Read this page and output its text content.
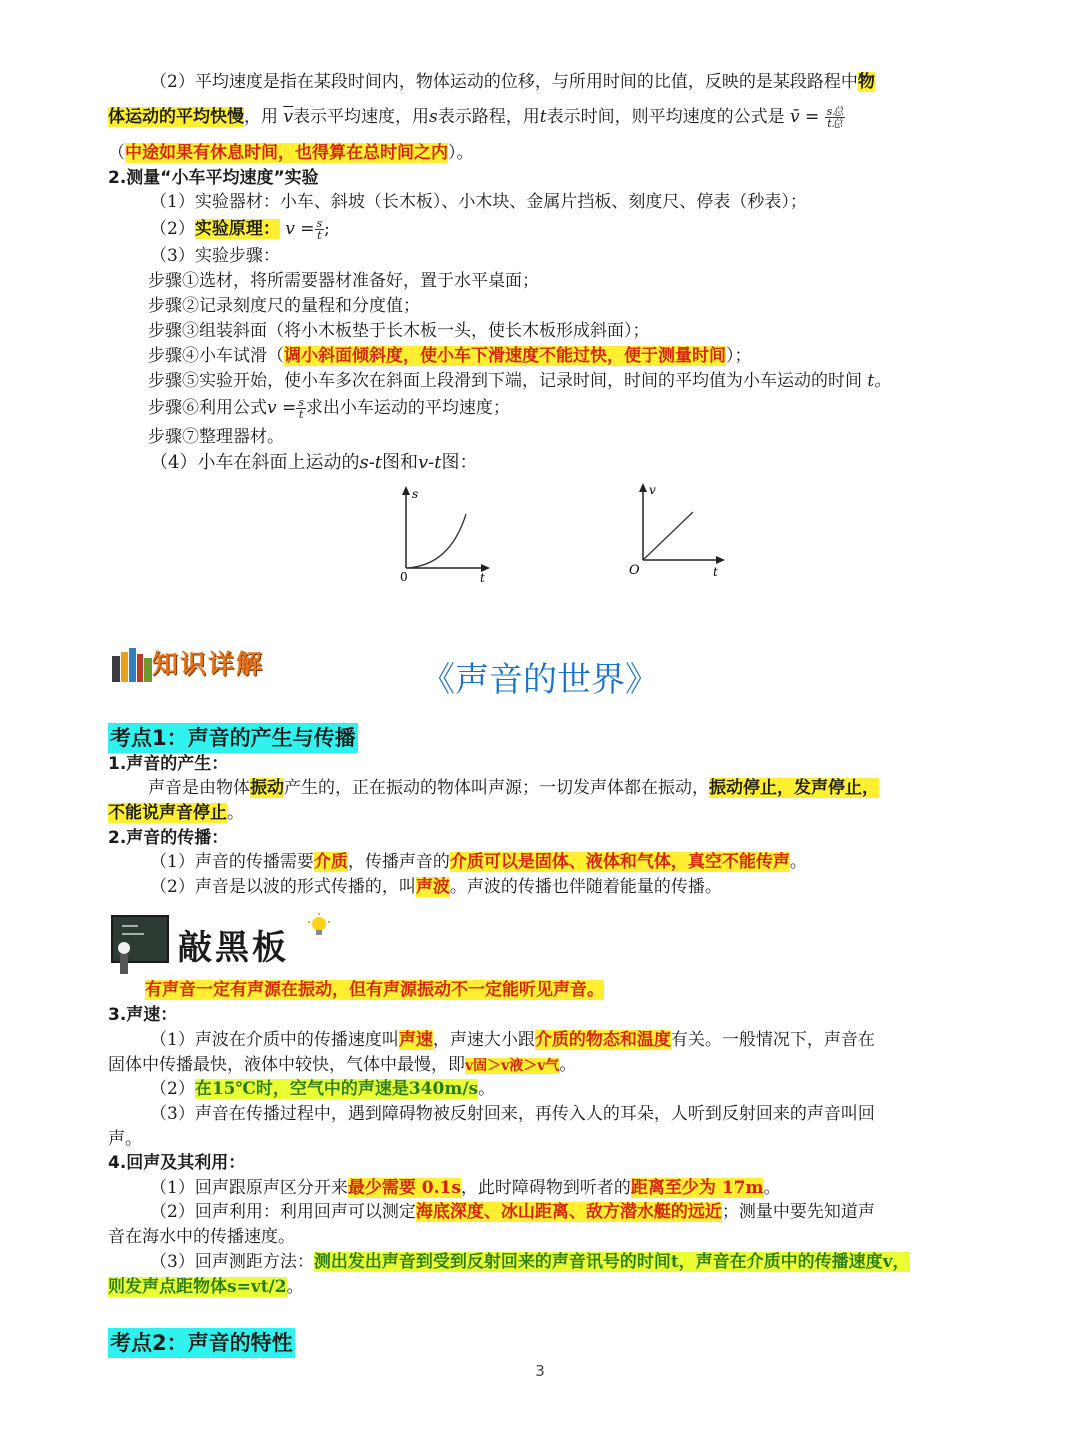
（2）平均速度是指在某段时间内，物体运动的位移，与所用时间的比值，反映的是某段路程中物
体运动的平均快慢，用 $\overline{v}$表示平均速度，用s表示路程，用t表示时间，则平均速度的公式是 v̄ = $\frac{\text{s总}}{\text{t总}}$
（中途如果有休息时间，也得算在总时间之内）。
2.测量“小车平均速度”实验
（1）实验器材：小车、斜坡（长木板）、小木块、金属片挡板、刻度尺、停表（秒表）；
（2）实验原理： $v = \frac{s}{t}$ ;
（3）实验步骤：
步骤①选材，将所需要器材准备好，置于水平桌面；
步骤②记录刻度尺的量程和分度值；
步骤③组装斜面（将小木板垫于长木板一头，使长木板形成斜面）；
步骤④小车试滑（调小斜面倾斜度，使小车下滑速度不能过快，便于测量时间）；
步骤⑤实验开始，使小车多次在斜面上段滑到下端，记录时间，时间的平均值为小车运动的时间 t。
步骤⑥利用公式$v = \frac{s}{t}$ 求出小车运动的平均速度；
步骤⑦整理器材。
（4）小车在斜面上运动的s-t图和v-t图：
s
t
0
v
t
O
知识详解	《声音的世界》
考点1：声音的产生与传播
1.声音的产生：
声音是由物体振动产生的，正在振动的物体叫声源；一切发声体都在振动，振动停止，发声停止，
不能说声音停止。
2.声音的传播：
（1）声音的传播需要介质，传播声音的介质可以是固体、液体和气体，真空不能传声。
（2）声音是以波的形式传播的，叫声波。声波的传播也伴随着能量的传播。
敲黑板
有声音一定有声源在振动，但有声源振动不一定能听见声音。
3.声速：
（1）声波在介质中的传播速度叫声速，声速大小跟介质的物态和温度有关。一般情况下，声音在
固体中传播最快，液体中较快，气体中最慢，即v固＞v液＞v气。
（2）在15℃时，空气中的声速是340m/s。
（3）声音在传播过程中，遇到障碍物被反射回来，再传入人的耳朵，人听到反射回来的声音叫回
声。
4.回声及其利用：
（1）回声跟原声区分开来最少需要 0.1s，此时障碍物到听者的距离至少为 17m。
（2）回声利用：利用回声可以测定海底深度、冰山距离、敌方潜水艇的远近；测量中要先知道声
音在海水中的传播速度。
（3）回声测距方法：测出发出声音到受到反射回来的声音讯号的时间t，声音在介质中的传播速度v，
则发声点距物体s=vt/2。
考点2：声音的特性
3
